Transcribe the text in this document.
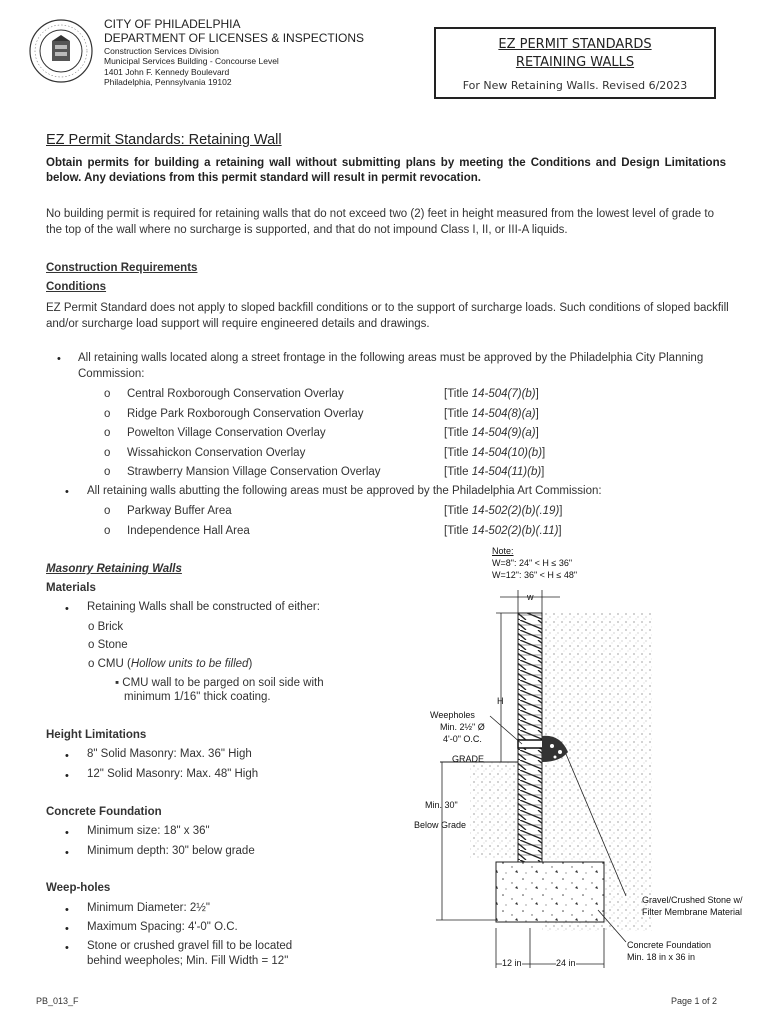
CITY OF PHILADELPHIA
DEPARTMENT OF LICENSES & INSPECTIONS
Construction Services Division
Municipal Services Building - Concourse Level
1401 John F. Kennedy Boulevard
Philadelphia, Pennsylvania 19102
EZ PERMIT STANDARDS
RETAINING WALLS
For New Retaining Walls. Revised 6/2023
EZ Permit Standards: Retaining Wall
Obtain permits for building a retaining wall without submitting plans by meeting the Conditions and Design Limitations below. Any deviations from this permit standard will result in permit revocation.
No building permit is required for retaining walls that do not exceed two (2) feet in height measured from the lowest level of grade to the top of the wall where no surcharge is supported, and that do not impound Class I, II, or III-A liquids.
Construction Requirements
Conditions
EZ Permit Standard does not apply to sloped backfill conditions or to the support of surcharge loads. Such conditions of sloped backfill and/or surcharge load support will require engineered details and drawings.
• All retaining walls located along a street frontage in the following areas must be approved by the Philadelphia City Planning Commission:
o Central Roxborough Conservation Overlay	[Title 14-504(7)(b)]
o Ridge Park Roxborough Conservation Overlay	[Title 14-504(8)(a)]
o Powelton Village Conservation Overlay	[Title 14-504(9)(a)]
o Wissahickon Conservation Overlay	[Title 14-504(10)(b)]
o Strawberry Mansion Village Conservation Overlay	[Title 14-504(11)(b)]
• All retaining walls abutting the following areas must be approved by the Philadelphia Art Commission:
o Parkway Buffer Area	[Title 14-502(2)(b)(.19)]
o Independence Hall Area	[Title 14-502(2)(b)(.11)]
Masonry Retaining Walls
Materials
• Retaining Walls shall be constructed of either:
o Brick
o Stone
o CMU (Hollow units to be filled)
▪ CMU wall to be parged on soil side with
minimum 1/16" thick coating.
Height Limitations
• 8" Solid Masonry: Max. 36" High
• 12" Solid Masonry: Max. 48" High
Concrete Foundation
• Minimum size: 18" x 36"
• Minimum depth: 30" below grade
Weep-holes
• Minimum Diameter: 2½"
• Maximum Spacing: 4'-0" O.C.
• Stone or crushed gravel fill to be located
behind weepholes; Min. Fill Width = 12"
Note:
W=8": 24" < H ≤ 36"
W=12": 36" < H ≤ 48"
w
H
Weepholes
Min. 2½" Ø
4'-0" O.C.
GRADE
Min. 30"
Below Grade
Gravel/Crushed Stone w/
Filter Membrane Material
Concrete Foundation
Min. 18 in x 36 in
12 in	24 in
PB_013_F	Page 1 of 2
